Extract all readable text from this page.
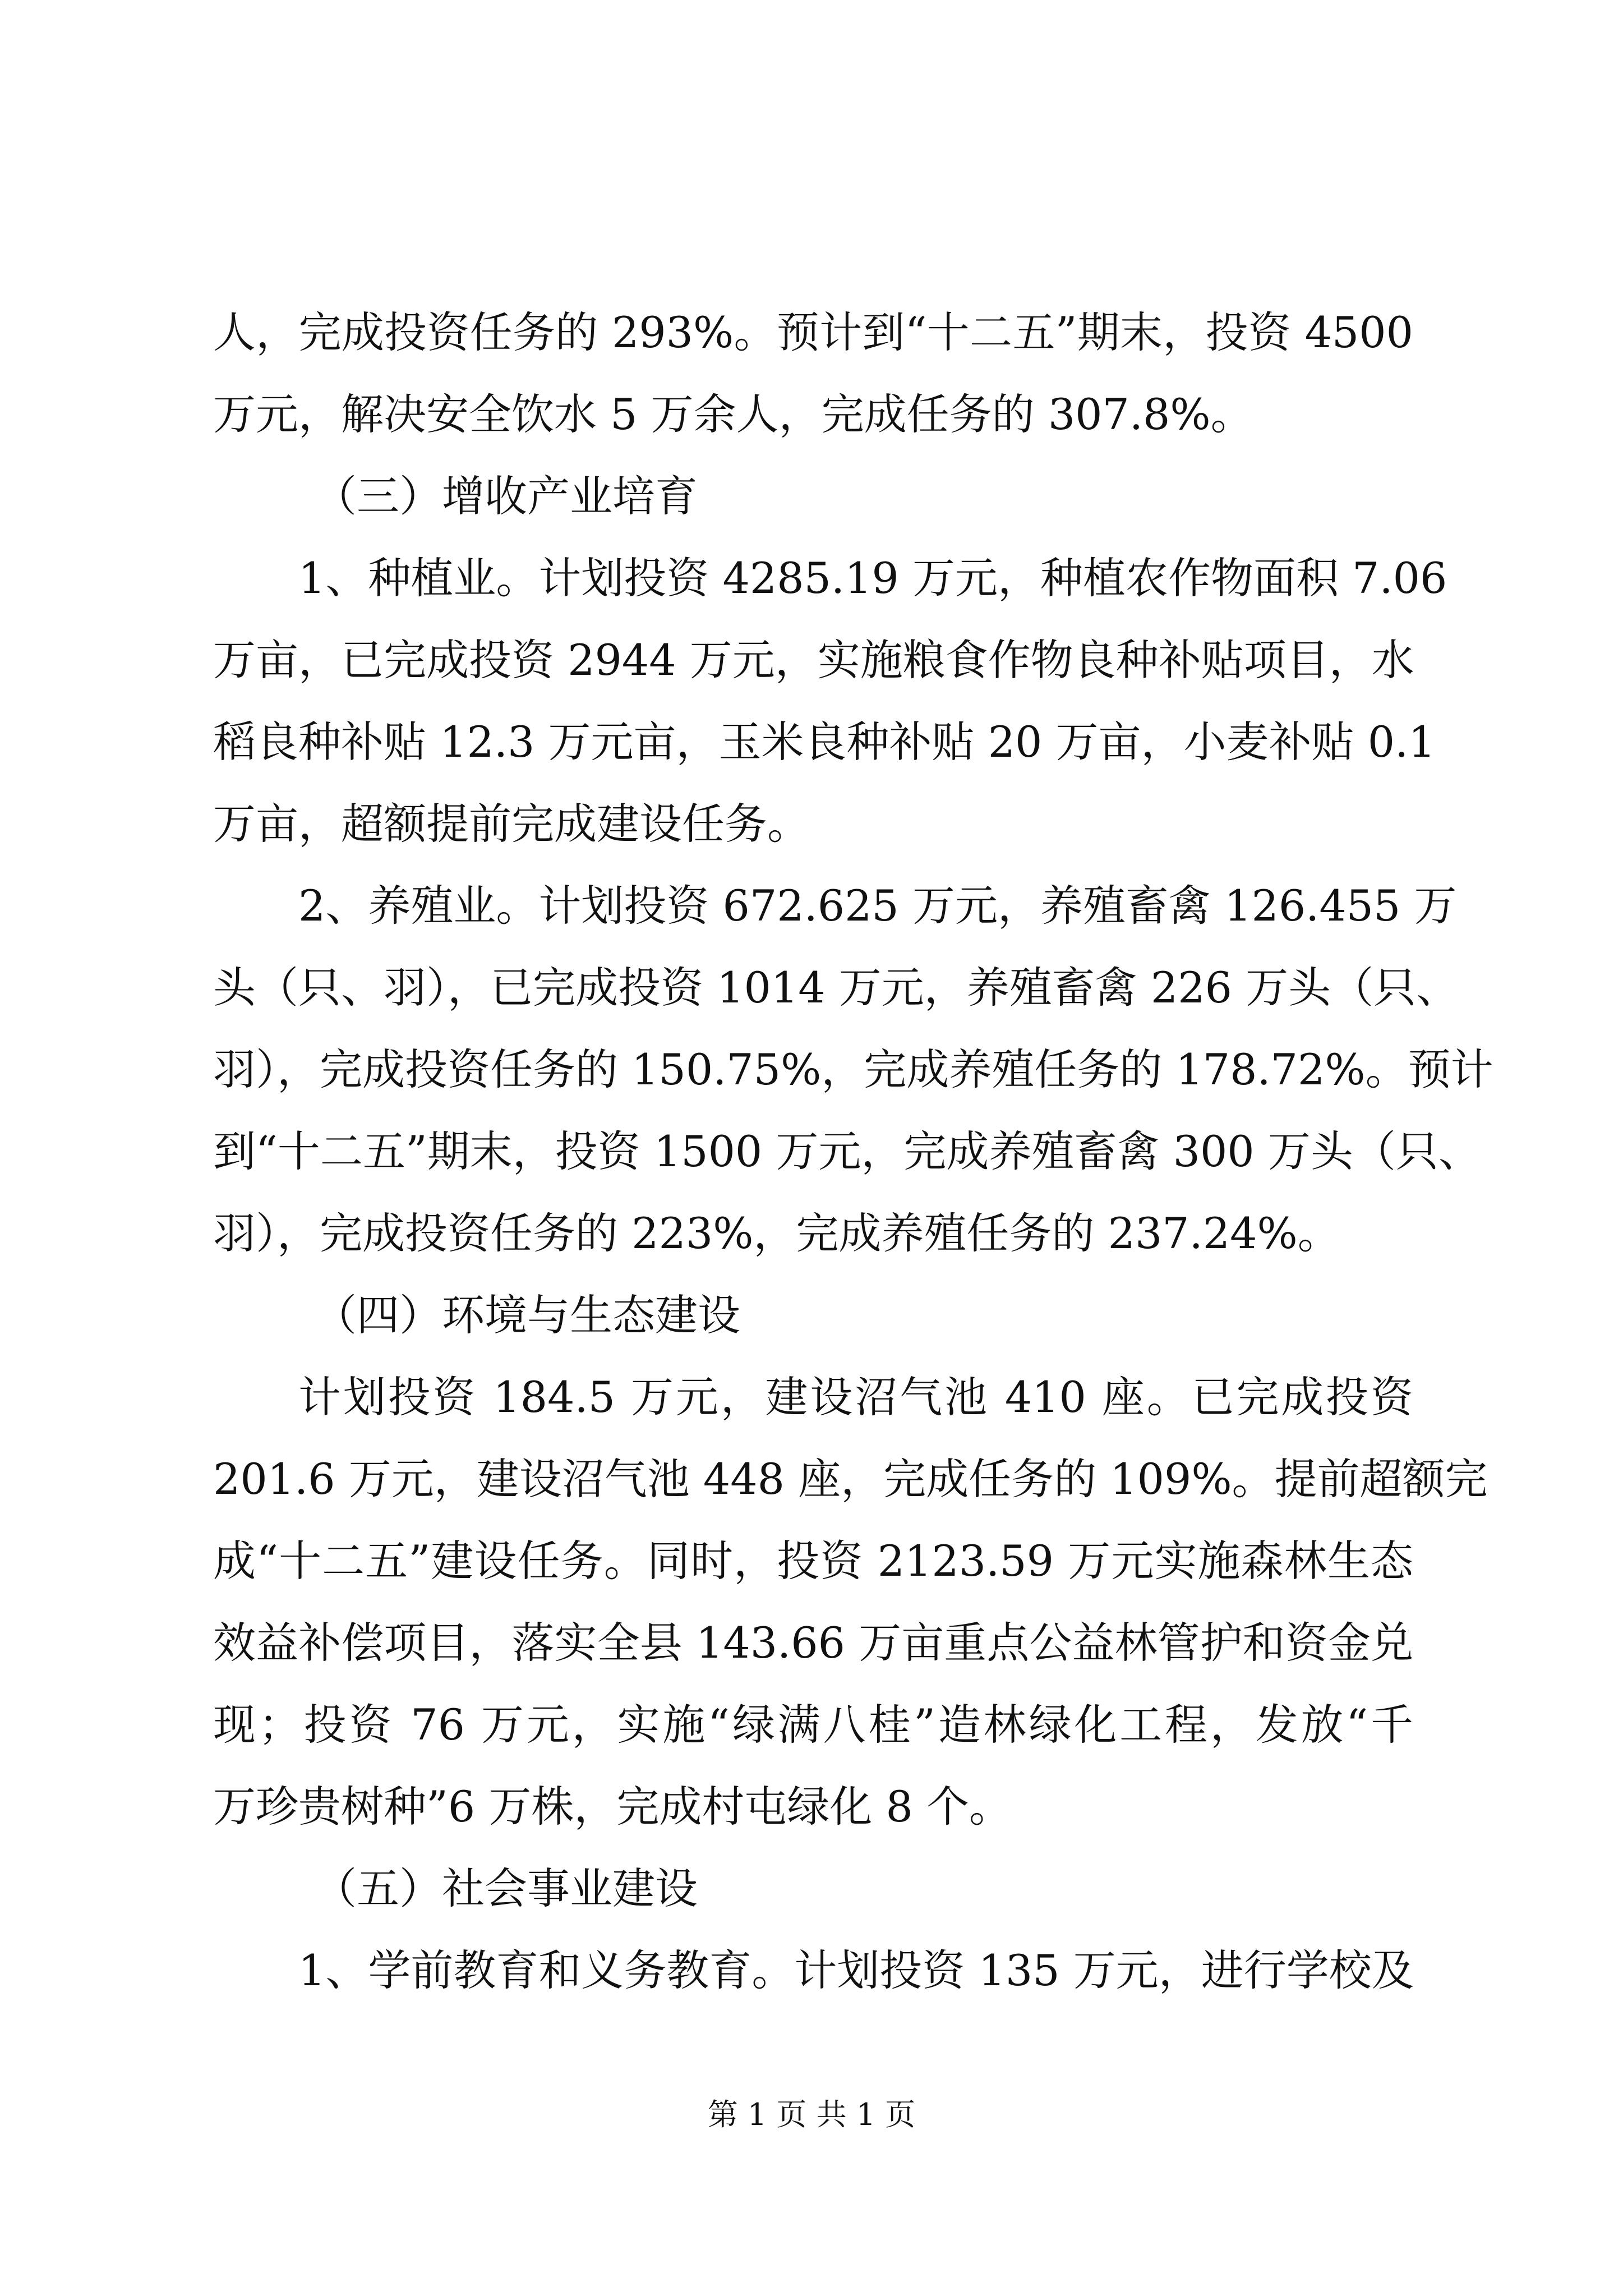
人，完成投资任务的 293%。预计到“十二五”期末，投资 4500
万元，解决安全饮水 5 万余人，完成任务的 307.8%。
（三）增收产业培育
1、种植业。计划投资 4285.19 万元，种植农作物面积 7.06
万亩，已完成投资 2944 万元，实施粮食作物良种补贴项目，水
稻良种补贴 12.3 万元亩，玉米良种补贴 20 万亩，小麦补贴 0.1
万亩，超额提前完成建设任务。
2、养殖业。计划投资 672.625 万元，养殖畜禽 126.455 万
头（只、羽），已完成投资 1014 万元，养殖畜禽 226 万头（只、
羽），完成投资任务的 150.75%，完成养殖任务的 178.72%。预计
到“十二五”期末，投资 1500 万元，完成养殖畜禽 300 万头（只、
羽），完成投资任务的 223%，完成养殖任务的 237.24%。
（四）环境与生态建设
计划投资 184.5 万元，建设沼气池 410 座。已完成投资
201.6 万元，建设沼气池 448 座，完成任务的 109%。提前超额完
成“十二五”建设任务。同时，投资 2123.59 万元实施森林生态
效益补偿项目，落实全县 143.66 万亩重点公益林管护和资金兑
现；投资 76 万元，实施“绿满八桂”造林绿化工程，发放“千
万珍贵树种”6 万株，完成村屯绿化 8 个。
（五）社会事业建设
1、学前教育和义务教育。计划投资 135 万元，进行学校及
第 1 页 共 1 页
